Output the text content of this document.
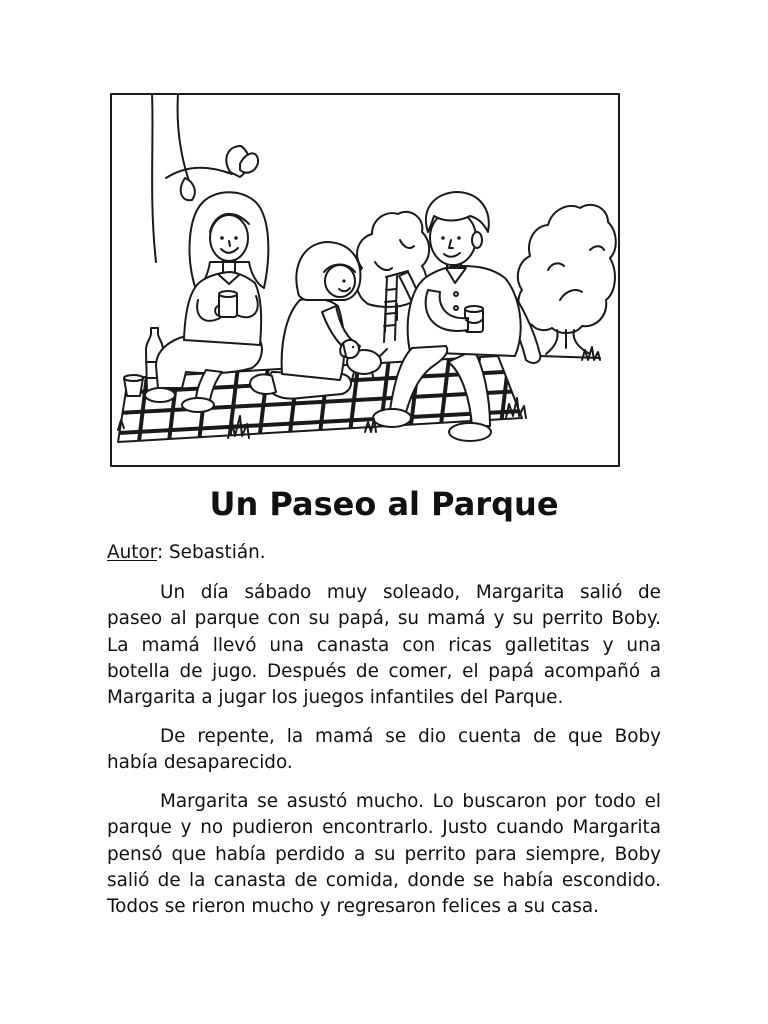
Un Paseo al Parque
Autor: Sebastián.
Un día sábado muy soleado, Margarita salió de
paseo al parque con su papá, su mamá y su perrito Boby.
La mamá llevó una canasta con ricas galletitas y una
botella de jugo. Después de comer, el papá acompañó a
Margarita a jugar los juegos infantiles del Parque.
De repente, la mamá se dio cuenta de que Boby
había desaparecido.
Margarita se asustó mucho. Lo buscaron por todo el
parque y no pudieron encontrarlo. Justo cuando Margarita
pensó que había perdido a su perrito para siempre, Boby
salió de la canasta de comida, donde se había escondido.
Todos se rieron mucho y regresaron felices a su casa.
